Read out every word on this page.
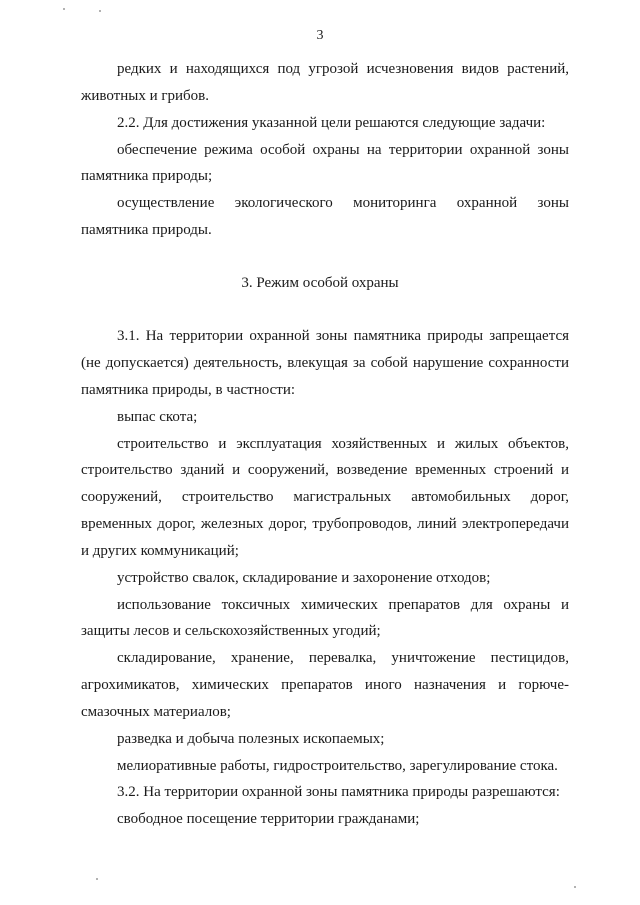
3
3. Режим особой охраны
редких и находящихся под угрозой исчезновения видов растений,
животных и грибов.
2.2. Для достижения указанной цели решаются следующие задачи:
обеспечение режима особой охраны на территории охранной зоны
памятника природы;
осуществление экологического мониторинга охранной зоны
памятника природы.
3.1. На территории охранной зоны памятника природы запрещается
(не допускается) деятельность, влекущая за собой нарушение сохранности
памятника природы, в частности:
выпас скота;
строительство и эксплуатация хозяйственных и жилых объектов,
строительство зданий и сооружений, возведение временных строений и
сооружений, строительство магистральных автомобильных дорог,
временных дорог, железных дорог, трубопроводов, линий электропередачи
и других коммуникаций;
устройство свалок, складирование и захоронение отходов;
использование токсичных химических препаратов для охраны и
защиты лесов и сельскохозяйственных угодий;
складирование, хранение, перевалка, уничтожение пестицидов,
агрохимикатов, химических препаратов иного назначения и горюче-
смазочных материалов;
разведка и добыча полезных ископаемых;
мелиоративные работы, гидростроительство, зарегулирование стока.
3.2. На территории охранной зоны памятника природы разрешаются:
свободное посещение территории гражданами;
